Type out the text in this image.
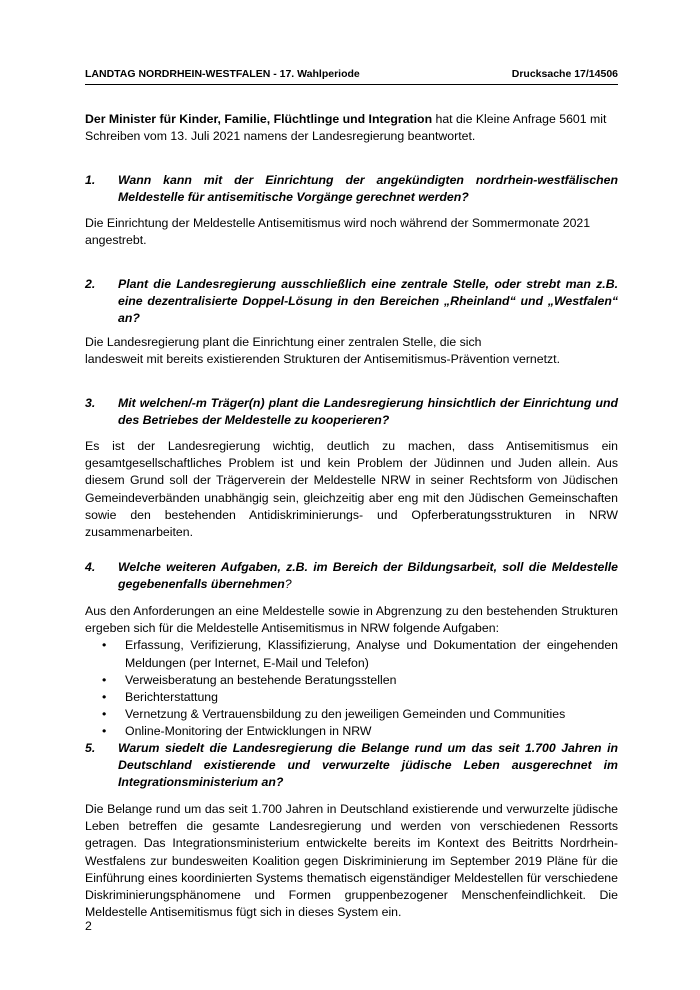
LANDTAG NORDRHEIN-WESTFALEN - 17. Wahlperiode	Drucksache 17/14506

Der Minister für Kinder, Familie, Flüchtlinge und Integration hat die Kleine Anfrage 5601 mit Schreiben vom 13. Juli 2021 namens der Landesregierung beantwortet.

1.	Wann kann mit der Einrichtung der angekündigten nordrhein-westfälischen Meldestelle für antisemitische Vorgänge gerechnet werden?

Die Einrichtung der Meldestelle Antisemitismus wird noch während der Sommermonate 2021 angestrebt.

2.	Plant die Landesregierung ausschließlich eine zentrale Stelle, oder strebt man z.B. eine dezentralisierte Doppel-Lösung in den Bereichen „Rheinland“ und „Westfalen“ an?

Die Landesregierung plant die Einrichtung einer zentralen Stelle, die sich

landesweit mit bereits existierenden Strukturen der Antisemitismus-Prävention vernetzt.

3.	Mit welchen/-m Träger(n) plant die Landesregierung hinsichtlich der Einrichtung und des Betriebes der Meldestelle zu kooperieren?

Es ist der Landesregierung wichtig, deutlich zu machen, dass Antisemitismus ein gesamtgesellschaftliches Problem ist und kein Problem der Jüdinnen und Juden allein. Aus diesem Grund soll der Trägerverein der Meldestelle NRW in seiner Rechtsform von Jüdischen Gemeindeverbänden unabhängig sein, gleichzeitig aber eng mit den Jüdischen Gemeinschaften sowie den bestehenden Antidiskriminierungs- und Opferberatungsstrukturen in NRW zusammenarbeiten.

4.	Welche weiteren Aufgaben, z.B. im Bereich der Bildungsarbeit, soll die Meldestelle gegebenenfalls übernehmen?

Aus den Anforderungen an eine Meldestelle sowie in Abgrenzung zu den bestehenden Strukturen ergeben sich für die Meldestelle Antisemitismus in NRW folgende Aufgaben:

• Erfassung, Verifizierung, Klassifizierung, Analyse und Dokumentation der eingehenden Meldungen (per Internet, E-Mail und Telefon)
• Verweisberatung an bestehende Beratungsstellen
• Berichterstattung
• Vernetzung & Vertrauensbildung zu den jeweiligen Gemeinden und Communities
• Online-Monitoring der Entwicklungen in NRW
5.	Warum siedelt die Landesregierung die Belange rund um das seit 1.700 Jahren in Deutschland existierende und verwurzelte jüdische Leben ausgerechnet im Integrationsministerium an?

Die Belange rund um das seit 1.700 Jahren in Deutschland existierende und verwurzelte jüdische Leben betreffen die gesamte Landesregierung und werden von verschiedenen Ressorts getragen. Das Integrationsministerium entwickelte bereits im Kontext des Beitritts Nordrhein-Westfalens zur bundesweiten Koalition gegen Diskriminierung im September 2019 Pläne für die Einführung eines koordinierten Systems thematisch eigenständiger Meldestellen für verschiedene Diskriminierungsphänomene und Formen gruppenbezogener Menschenfeindlichkeit. Die Meldestelle Antisemitismus fügt sich in dieses System ein.

2
